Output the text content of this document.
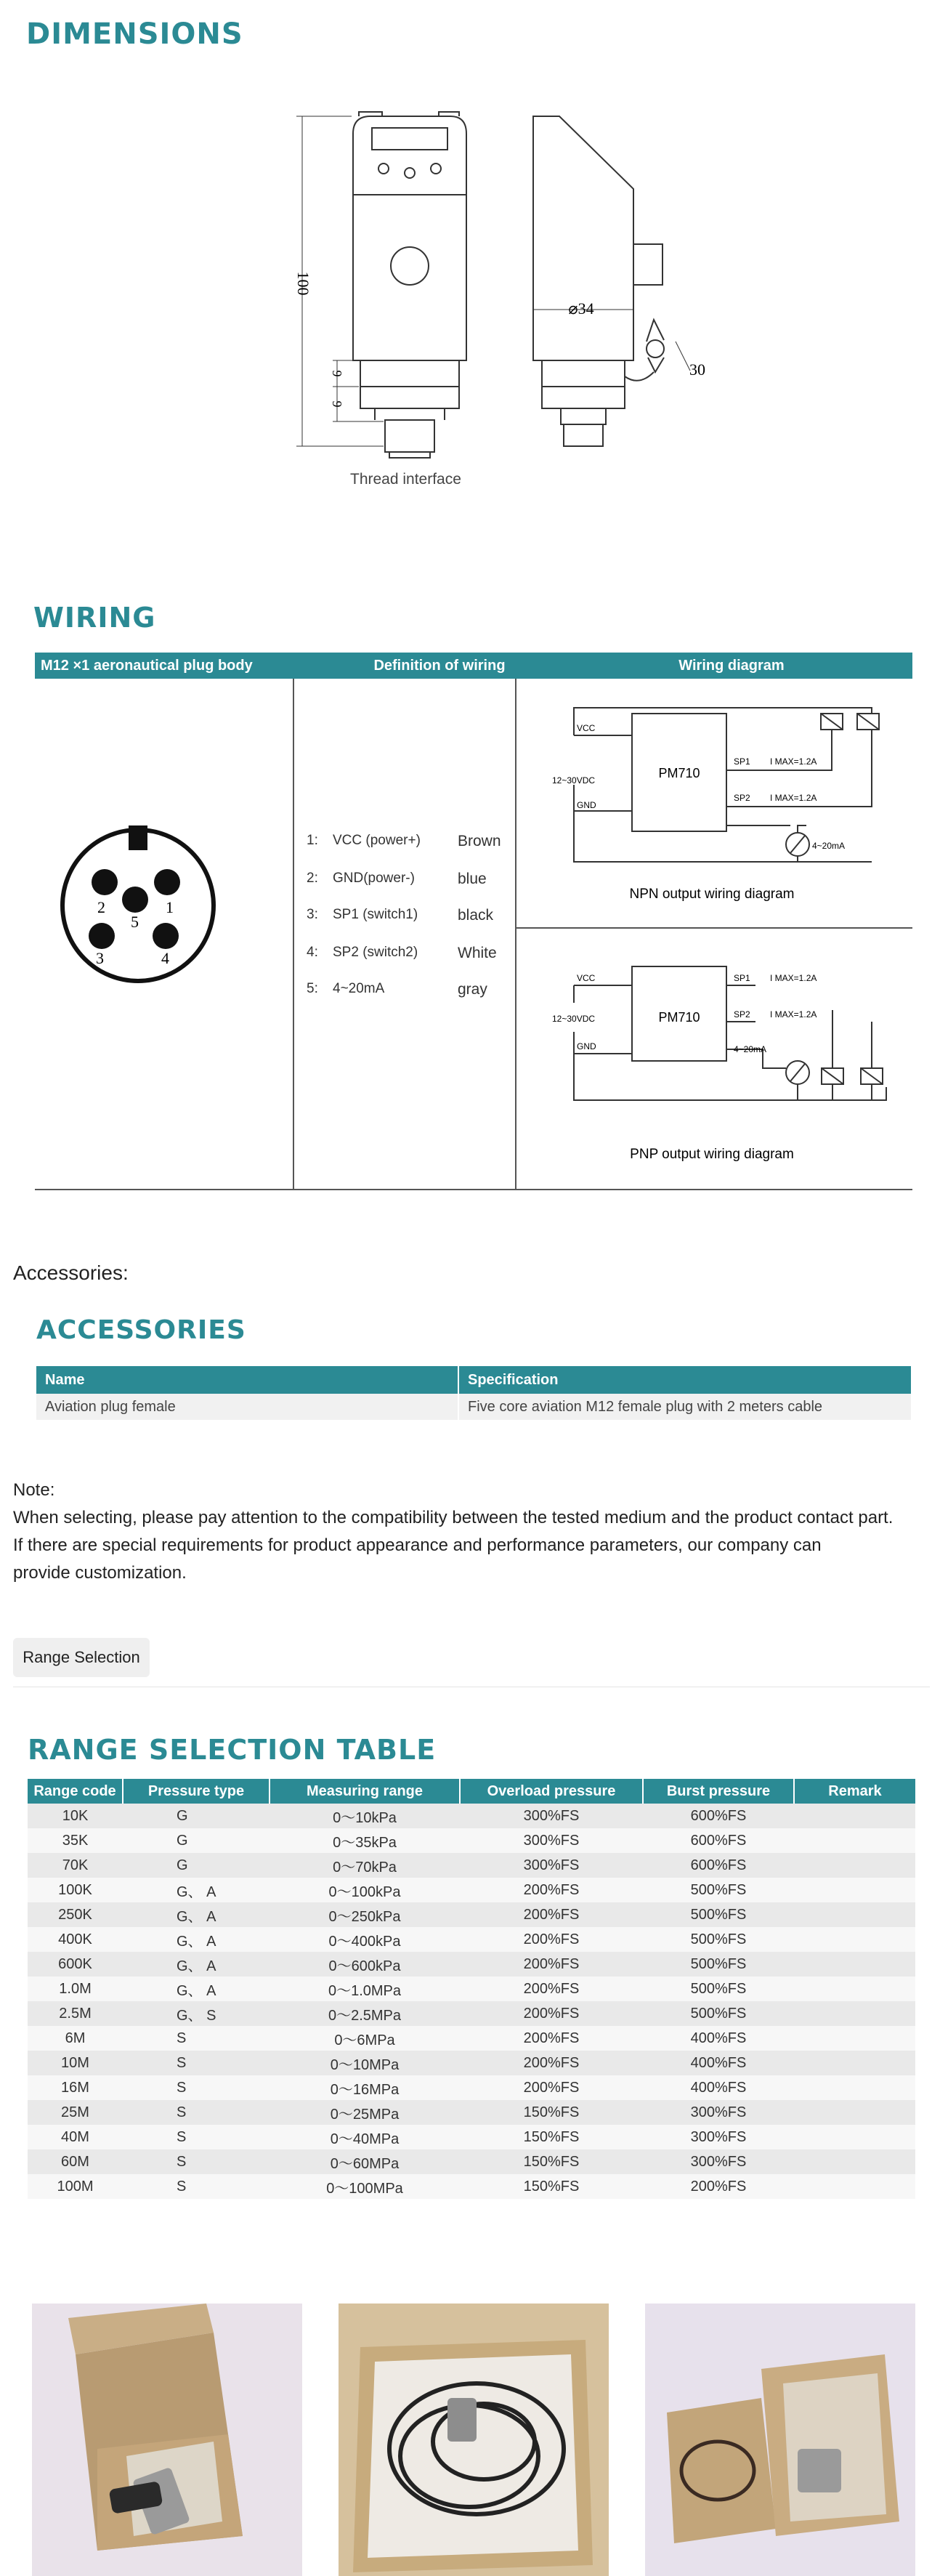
DIMENSIONS
100
9
9
⌀34
30
Thread interface
WIRING
M12 ×1 aeronautical plug body	Definition of wiring	Wiring diagram
2	1
5
3	4
1: VCC (power+) Brown
2: GND(power-)	blue
3: SP1 (switch1)	black
4: SP2 (switch2)	White
5: 4~20mA	gray
VCC
12~30VDC
GND
PM710
SP1
SP2
I MAX=1.2A
I MAX=1.2A
4~20mA
NPN output wiring diagram
VCC
12~30VDC
GND
PM710
SP1
SP2
I MAX=1.2A
I MAX=1.2A
4~20mA
PNP output wiring diagram
Accessories:
ACCESSORIES
Name	Specification
Aviation plug female	Five core aviation M12 female plug with 2 meters cable

Note:

When selecting, please pay attention to the compatibility between the tested medium and the product contact part.

If there are special requirements for product appearance and performance parameters, our company can

provide customization.

Range Selection
RANGE SELECTION TABLE
Range code	Pressure type	Measuring range	Overload pressure	Burst pressure	Remark
10K	G	0～10kPa	300%FS	600%FS	
35K	G	0～35kPa	300%FS	600%FS	
70K	G	0～70kPa	300%FS	600%FS	
100K	G、 A	0～100kPa	200%FS	500%FS	
250K	G、 A	0～250kPa	200%FS	500%FS	
400K	G、 A	0～400kPa	200%FS	500%FS	
600K	G、 A	0～600kPa	200%FS	500%FS	
1.0M	G、 A	0～1.0MPa	200%FS	500%FS	
2.5M	G、 S	0～2.5MPa	200%FS	500%FS	
6M	S	0～6MPa	200%FS	400%FS	
10M	S	0～10MPa	200%FS	400%FS	
16M	S	0～16MPa	200%FS	400%FS	
25M	S	0～25MPa	150%FS	300%FS	
40M	S	0～40MPa	150%FS	300%FS	
60M	S	0～60MPa	150%FS	300%FS	
100M	S	0～100MPa	150%FS	200%FS	
